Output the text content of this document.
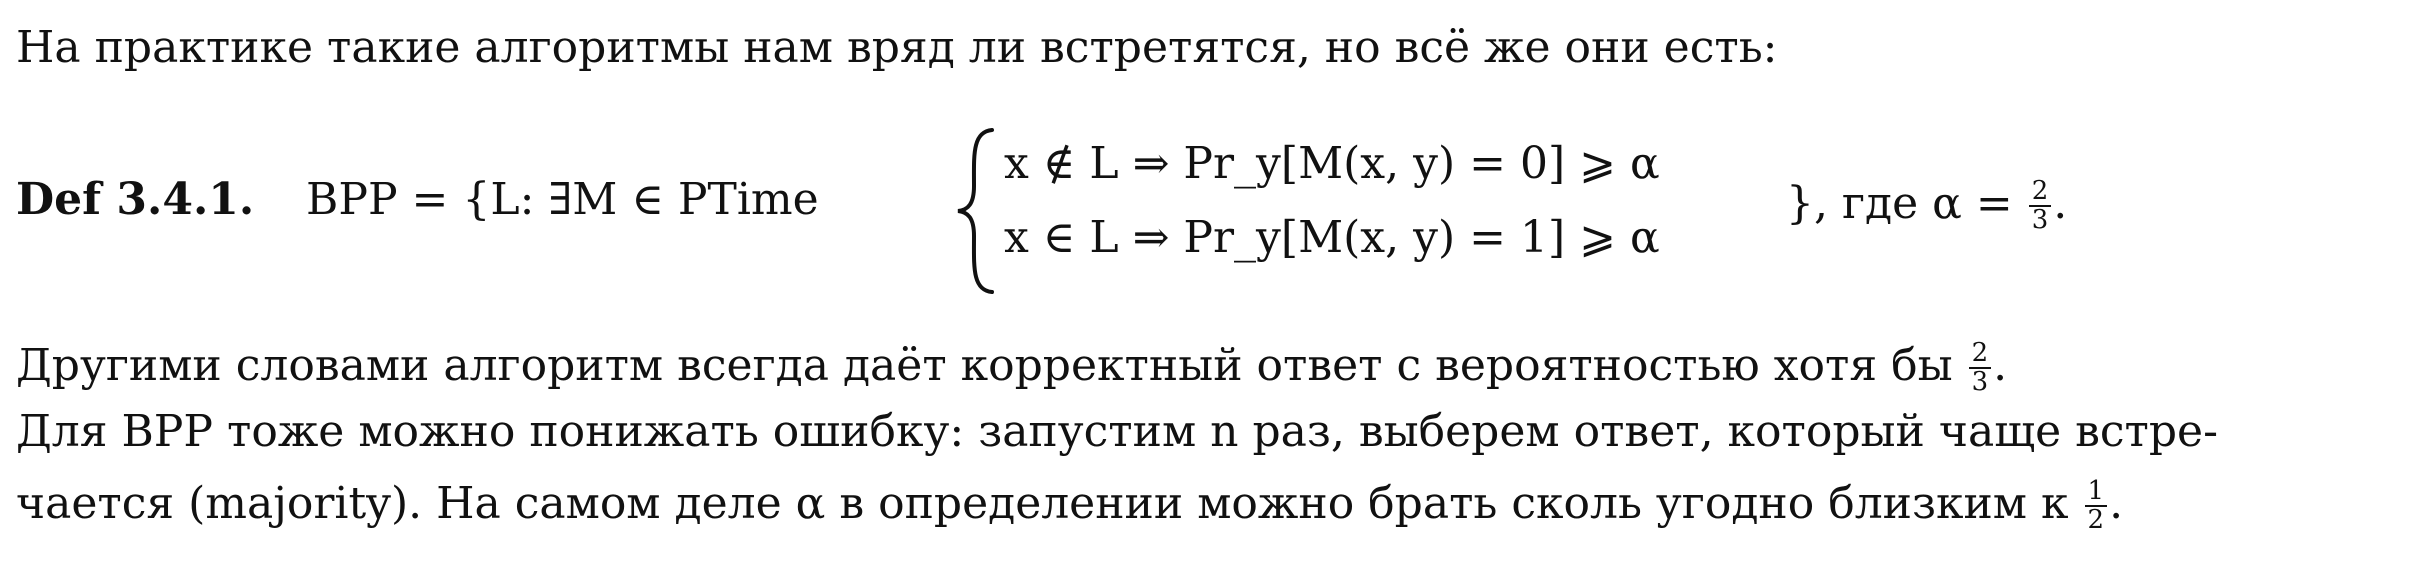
На практике такие алгоритмы нам вряд ли встретятся, но всё же они есть:
Def 3.4.1. BPP = {L: ∃M ∈ PTime
x ∉ L ⇒ Pr_y[M(x, y) = 0] ⩾ α
x ∈ L ⇒ Pr_y[M(x, y) = 1] ⩾ α
}, где $\alpha = \frac{2}{3}$ .
Другими словами алгоритм всегда даёт корректный ответ с вероятностью хотя бы $\frac{2}{3}$ .
Для BPP тоже можно понижать ошибку: запустим n раз, выберем ответ, который чаще встре-
чается (majority). На самом деле α в определении можно брать сколь угодно близким к $\frac{1}{2}$ .
